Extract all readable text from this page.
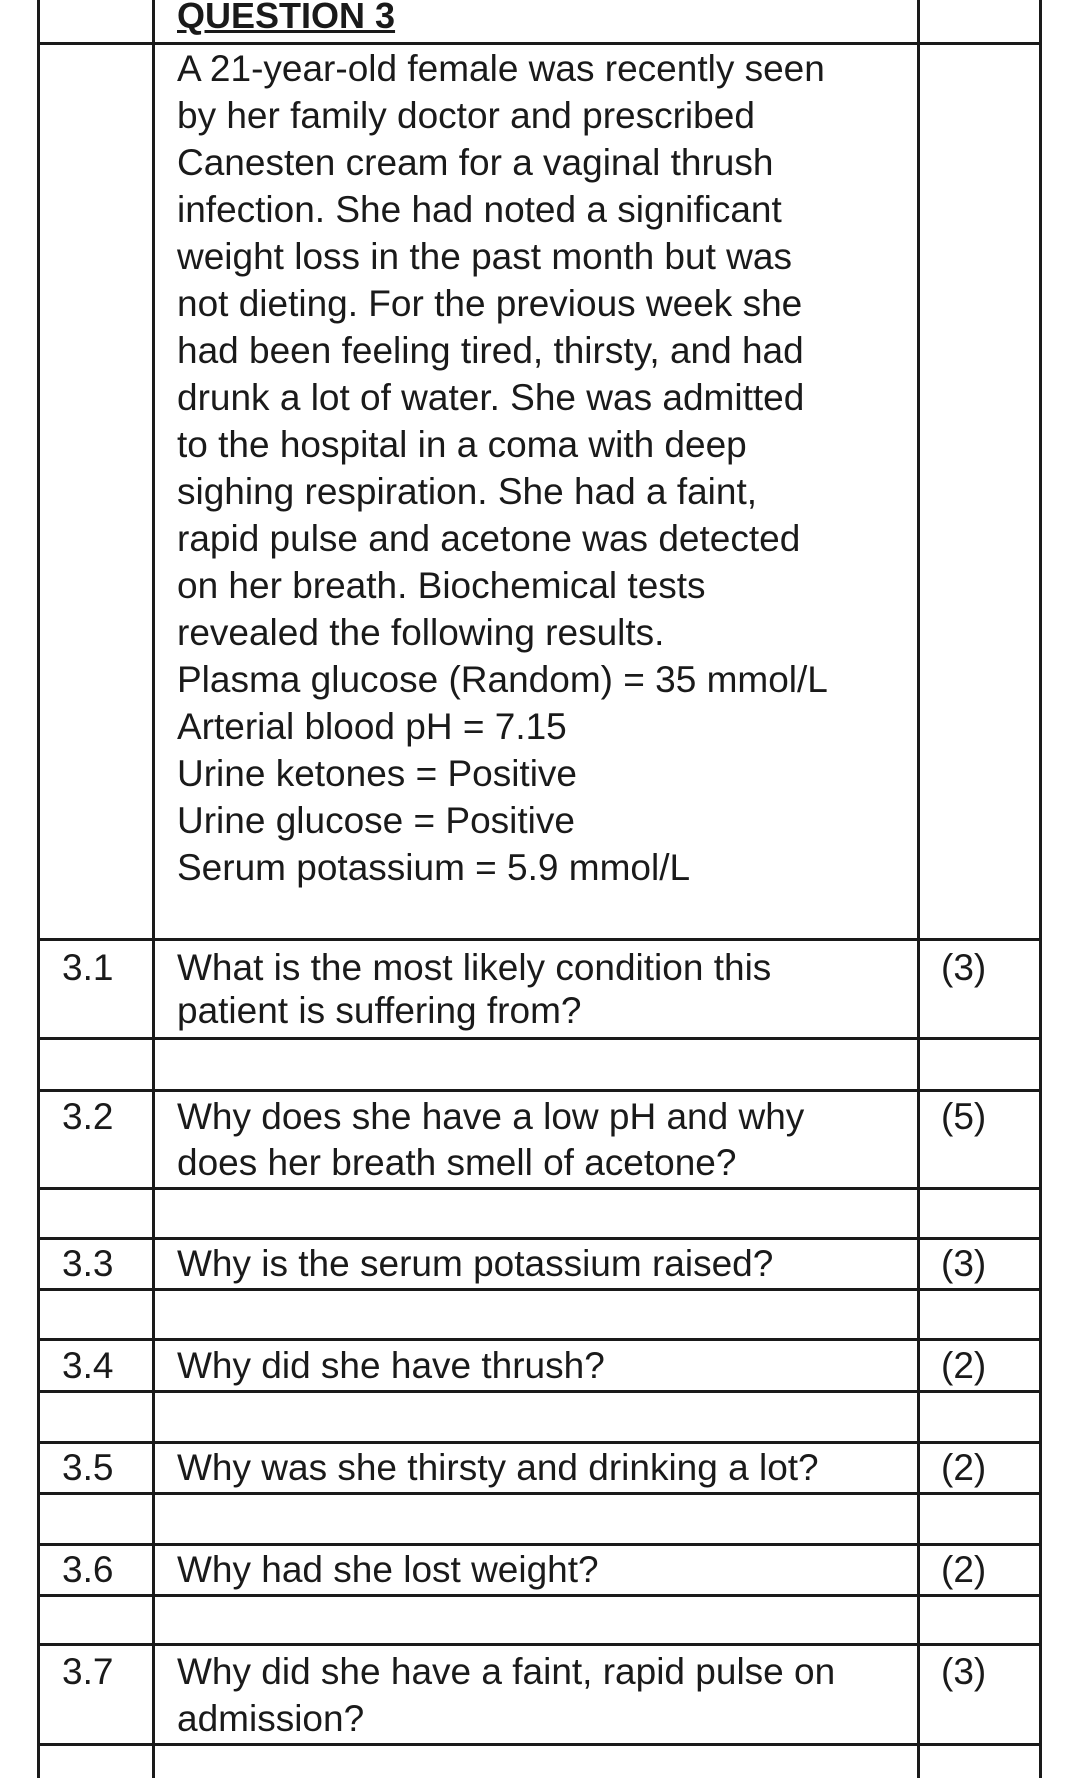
QUESTION 3
A 21-year-old female was recently seen
by her family doctor and prescribed
Canesten cream for a vaginal thrush
infection. She had noted a significant
weight loss in the past month but was
not dieting. For the previous week she
had been feeling tired, thirsty, and had
drunk a lot of water. She was admitted
to the hospital in a coma with deep
sighing respiration. She had a faint,
rapid pulse and acetone was detected
on her breath. Biochemical tests
revealed the following results.
Plasma glucose (Random) = 35 mmol/L
Arterial blood pH = 7.15
Urine ketones = Positive
Urine glucose = Positive
Serum potassium = 5.9 mmol/L
3.1 What is the most likely condition this
patient is suffering from?
(3)
3.2 Why does she have a low pH and why
does her breath smell of acetone?
(5)
3.3 Why is the serum potassium raised?	(3)
3.4 Why did she have thrush?	(2)
3.5 Why was she thirsty and drinking a lot?	(2)
3.6 Why had she lost weight?	(2)
3.7 Why did she have a faint, rapid pulse on
admission?
(3)
